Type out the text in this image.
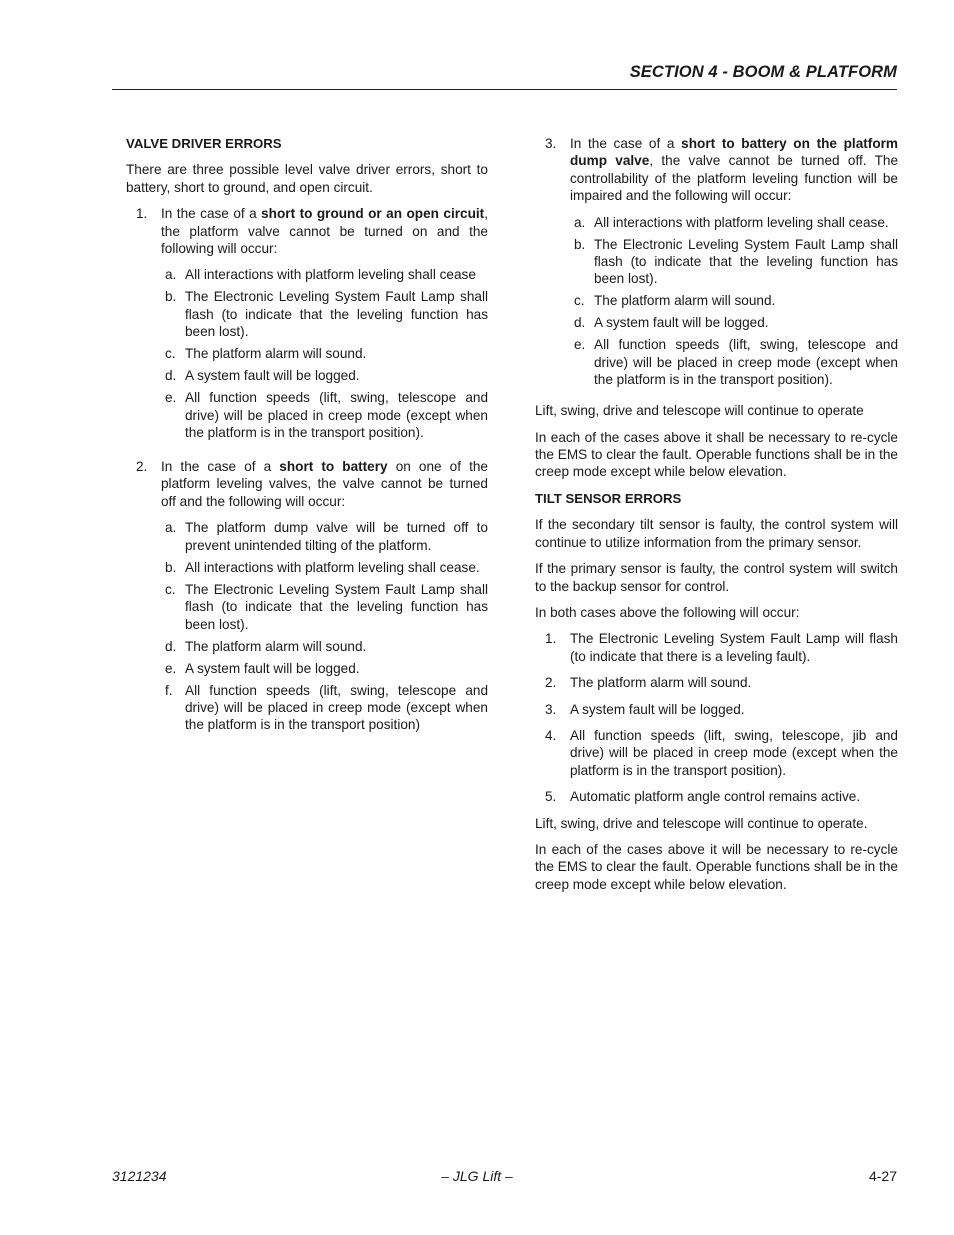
SECTION 4 - BOOM & PLATFORM
VALVE DRIVER ERRORS

There are three possible level valve driver errors, short to battery, short to ground, and open circuit.

1.	In the case of a short to ground or an open circuit, the platform valve cannot be turned on and the following will occur:
a. All interactions with platform leveling shall cease
b. The Electronic Leveling System Fault Lamp shall flash (to indicate that the leveling function has been lost).
c. The platform alarm will sound.
d. A system fault will be logged.
e. All function speeds (lift, swing, telescope and drive) will be placed in creep mode (except when the platform is in the transport position).
2.	In the case of a short to battery on one of the platform leveling valves, the valve cannot be turned off and the following will occur:
a. The platform dump valve will be turned off to prevent unintended tilting of the platform.
b. All interactions with platform leveling shall cease.
c. The Electronic Leveling System Fault Lamp shall flash (to indicate that the leveling function has been lost).
d. The platform alarm will sound.
e. A system fault will be logged.
f. All function speeds (lift, swing, telescope and drive) will be placed in creep mode (except when the platform is in the transport position)
3.	In the case of a short to battery on the platform dump valve, the valve cannot be turned off. The controllability of the platform leveling function will be impaired and the following will occur:
a. All interactions with platform leveling shall cease.
b. The Electronic Leveling System Fault Lamp shall flash (to indicate that the leveling function has been lost).
c. The platform alarm will sound.
d. A system fault will be logged.
e. All function speeds (lift, swing, telescope and drive) will be placed in creep mode (except when the platform is in the transport position).

Lift, swing, drive and telescope will continue to operate

In each of the cases above it shall be necessary to re-cycle the EMS to clear the fault. Operable functions shall be in the creep mode except while below elevation.

TILT SENSOR ERRORS

If the secondary tilt sensor is faulty, the control system will continue to utilize information from the primary sensor.

If the primary sensor is faulty, the control system will switch to the backup sensor for control.

In both cases above the following will occur:

1.	The Electronic Leveling System Fault Lamp will flash (to indicate that there is a leveling fault).
2.	The platform alarm will sound.
3.	A system fault will be logged.
4.	All function speeds (lift, swing, telescope, jib and drive) will be placed in creep mode (except when the platform is in the transport position).
5.	Automatic platform angle control remains active.

Lift, swing, drive and telescope will continue to operate.

In each of the cases above it will be necessary to re-cycle the EMS to clear the fault. Operable functions shall be in the creep mode except while below elevation.

– JLG Lift –
3121234	4-27
